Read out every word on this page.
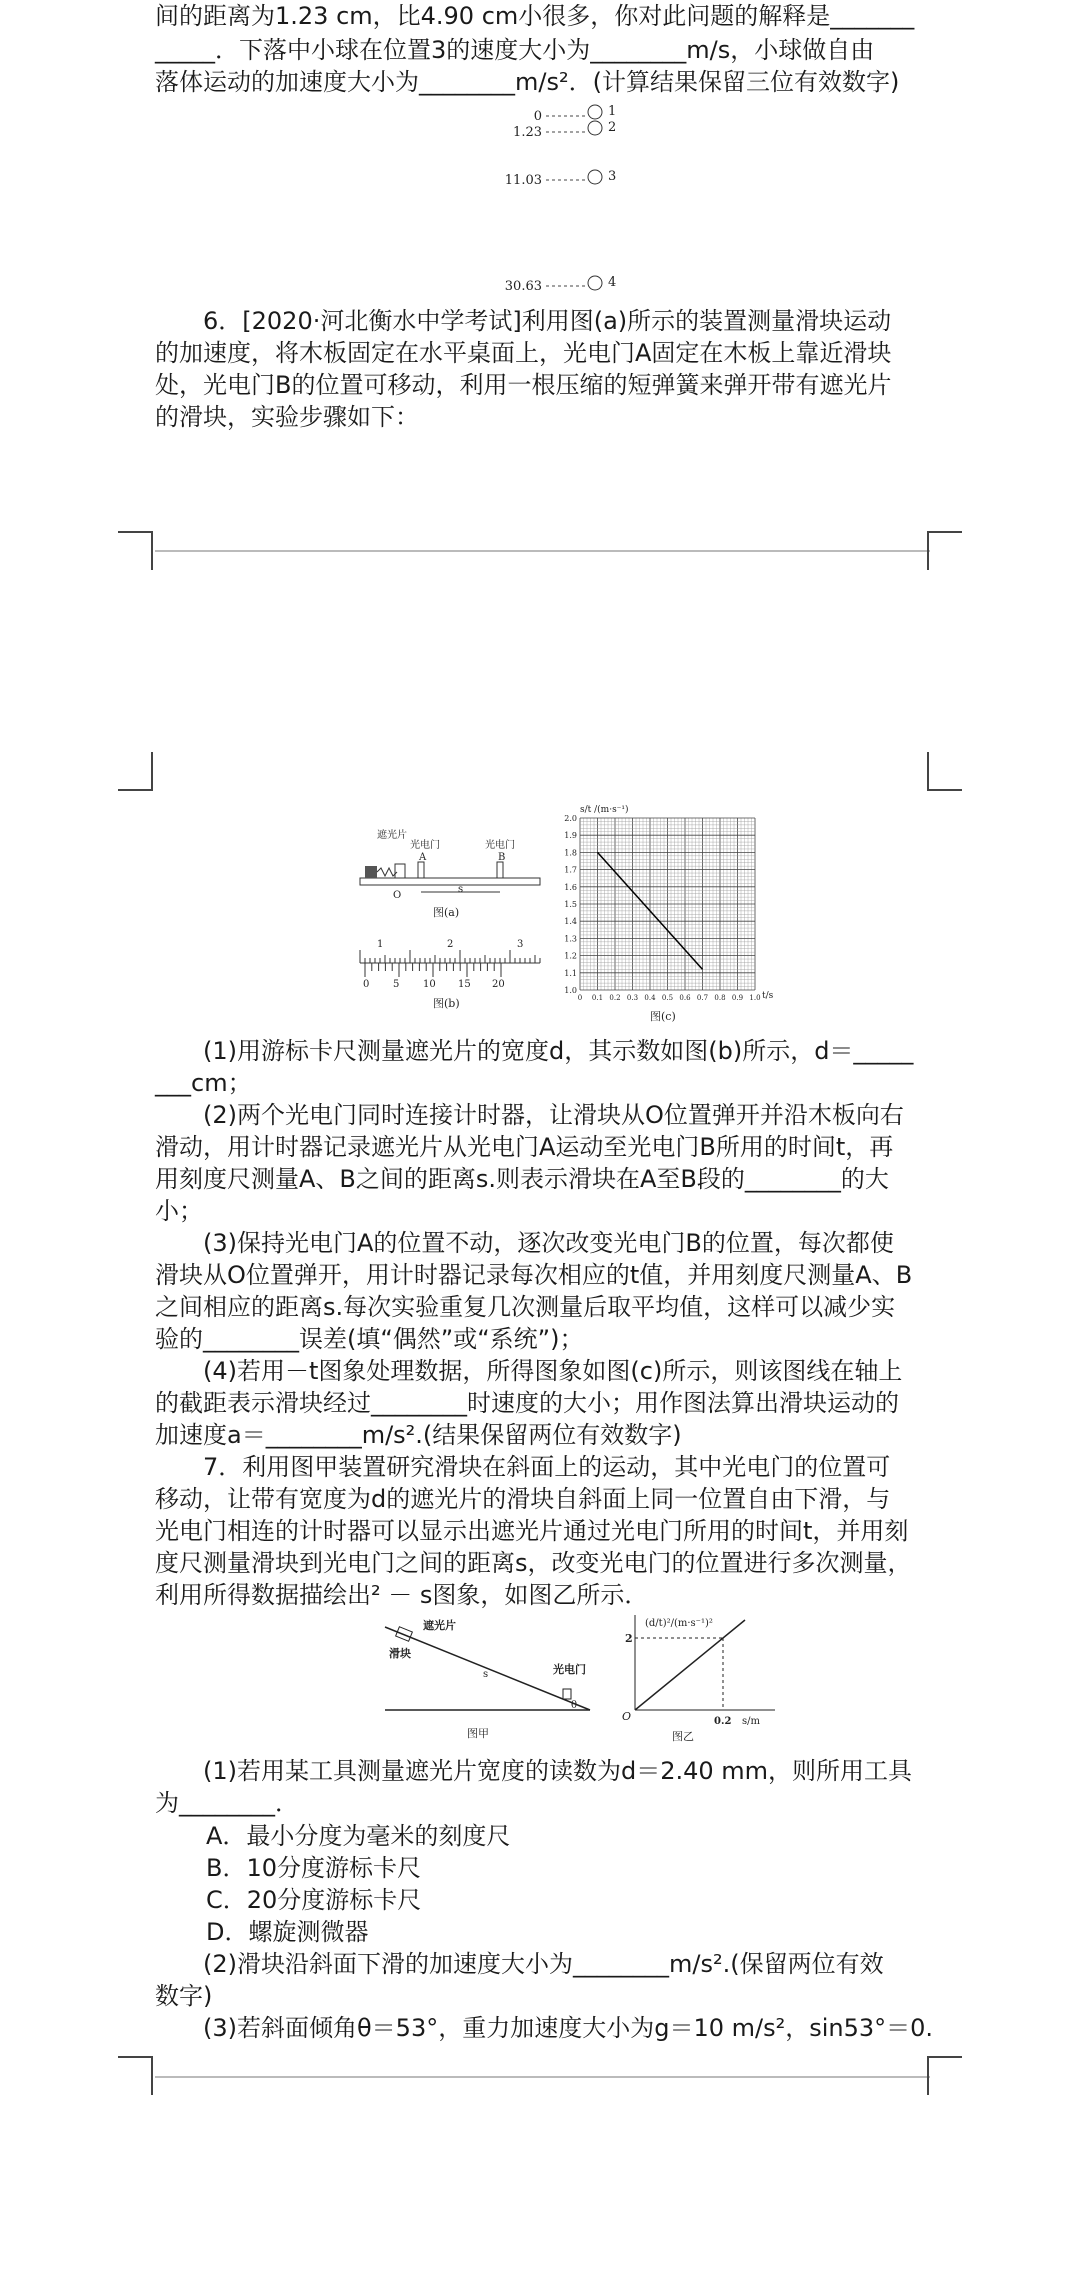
间的距离为1.23 cm，比4.90 cm小很多，你对此问题的解释是_______

_____．下落中小球在位置3的速度大小为________m/s，小球做自由

落体运动的加速度大小为________m/s²．(计算结果保留三位有效数字)

0
1.23
11.03
30.63
1
2
3
4

6．[2020·河北衡水中学考试]利用图(a)所示的装置测量滑块运动

的加速度，将木板固定在水平桌面上，光电门A固定在木板上靠近滑块

处，光电门B的位置可移动，利用一根压缩的短弹簧来弹开带有遮光片

的滑块，实验步骤如下：

遮光片
光电门
A
光电门
B
O
s
图(a)
1	2	3
0 5 10 15 20
图(b)
s/t /(m·s⁻¹)
1.0
1.1
1.2
1.3
1.4
1.5
1.6
1.7
1.8
1.9
2.0
0 0.1 0.2 0.3 0.4 0.5 0.6 0.7 0.8 0.9 1.0 t/s
图(c)

(1)用游标卡尺测量遮光片的宽度d，其示数如图(b)所示，d＝_____

___cm；

(2)两个光电门同时连接计时器，让滑块从O位置弹开并沿木板向右

滑动，用计时器记录遮光片从光电门A运动至光电门B所用的时间t，再

用刻度尺测量A、B之间的距离s.则表示滑块在A至B段的________的大

小；

(3)保持光电门A的位置不动，逐次改变光电门B的位置，每次都使

滑块从O位置弹开，用计时器记录每次相应的t值，并用刻度尺测量A、B

之间相应的距离s.每次实验重复几次测量后取平均值，这样可以减少实

验的________误差(填“偶然”或“系统”)；

(4)若用－t图象处理数据，所得图象如图(c)所示，则该图线在轴上

的截距表示滑块经过________时速度的大小；用作图法算出滑块运动的

加速度a＝________m/s².(结果保留两位有效数字)

7．利用图甲装置研究滑块在斜面上的运动，其中光电门的位置可

移动，让带有宽度为d的遮光片的滑块自斜面上同一位置自由下滑，与

光电门相连的计时器可以显示出遮光片通过光电门所用的时间t，并用刻

度尺测量滑块到光电门之间的距离s，改变光电门的位置进行多次测量，

利用所得数据描绘出² － s图象，如图乙所示．

遮光片
滑块
s	光电门
θ
图甲
(d/t)²/(m·s⁻¹)²
2
O	0.2 s/m
图乙

(1)若用某工具测量遮光片宽度的读数为d＝2.40 mm，则所用工具

为________．

A．最小分度为毫米的刻度尺
B．10分度游标卡尺
C．20分度游标卡尺
D．螺旋测微器

(2)滑块沿斜面下滑的加速度大小为________m/s².(保留两位有效

数字)

(3)若斜面倾角θ＝53°，重力加速度大小为g＝10 m/s²，sin53°＝0.
